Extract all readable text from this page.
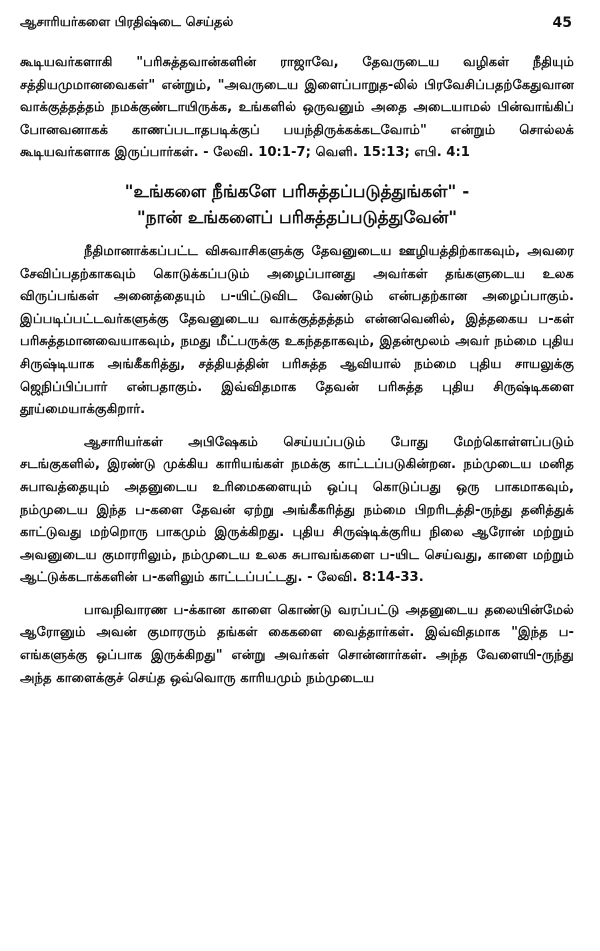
ஆசாரியர்களை பிரதிஷ்டை செய்தல்	45

கூடியவர்களாகி "பரிசுத்தவான்களின் ராஜாவே, தேவருடைய வழிகள் நீதியும் சத்தியமுமானவைகள்" என்றும், "அவருடைய இளைப்பாறுத-லில் பிரவேசிப்பதற்கேதுவான வாக்குத்தத்தம் நமக்குண்டாயிருக்க, உங்களில் ஒருவனும் அதை அடையாமல் பின்வாங்கிப் போனவனாகக் காணப்படாதபடிக்குப் பயந்திருக்கக்கடவோம்" என்றும் சொல்லக் கூடியவர்களாக இருப்பார்கள். - லேவி. 10:1-7; வெளி. 15:13; எபி. 4:1

"உங்களை நீங்களே பரிசுத்தப்படுத்துங்கள்" -
"நான் உங்களைப் பரிசுத்தப்படுத்துவேன்"

நீதிமானாக்கப்பட்ட விசுவாசிகளுக்கு தேவனுடைய ஊழியத்திற்காகவும், அவரை சேவிப்பதற்காகவும் கொடுக்கப்படும் அழைப்பானது அவர்கள் தங்களுடைய உலக விருப்பங்கள் அனைத்தையும் ப-யிட்டுவிட வேண்டும் என்பதற்கான அழைப்பாகும். இப்படிப்பட்டவர்களுக்கு தேவனுடைய வாக்குத்தத்தம் என்னவெனில், இத்தகைய ப-கள் பரிசுத்தமானவையாகவும், நமது மீட்பருக்கு உகந்ததாகவும், இதன்மூலம் அவர் நம்மை புதிய சிருஷ்டியாக அங்கீகரித்து, சத்தியத்தின் பரிசுத்த ஆவியால் நம்மை புதிய சாயலுக்கு ஜெநிப்பிப்பார் என்பதாகும். இவ்விதமாக தேவன் பரிசுத்த புதிய சிருஷ்டிகளை தூய்மையாக்குகிறார்.

ஆசாரியர்கள் அபிஷேகம் செய்யப்படும் போது மேற்கொள்ளப்படும் சடங்குகளில், இரண்டு முக்கிய காரியங்கள் நமக்கு காட்டப்படுகின்றன. நம்முடைய மனித சுபாவத்தையும் அதனுடைய உரிமைகளையும் ஒப்பு கொடுப்பது ஒரு பாகமாகவும், நம்முடைய இந்த ப-களை தேவன் ஏற்று அங்கீகரித்து நம்மை பிறரிடத்தி-ருந்து தனித்துக் காட்டுவது மற்றொரு பாகமும் இருக்கிறது. புதிய சிருஷ்டிக்குரிய நிலை ஆரோன் மற்றும் அவனுடைய குமாரரிலும், நம்முடைய உலக சுபாவங்களை ப-யிட செய்வது, காளை மற்றும் ஆட்டுக்கடாக்களின் ப-களிலும் காட்டப்பட்டது. - லேவி. 8:14-33.

பாவநிவாரண ப-க்கான காளை கொண்டு வரப்பட்டு அதனுடைய தலையின்மேல் ஆரோனும் அவன் குமாரரும் தங்கள் கைகளை வைத்தார்கள். இவ்விதமாக "இந்த ப- எங்களுக்கு ஒப்பாக இருக்கிறது" என்று அவர்கள் சொன்னார்கள். அந்த வேளையி-ருந்து அந்த காளைக்குச் செய்த ஒவ்வொரு காரியமும் நம்முடைய
